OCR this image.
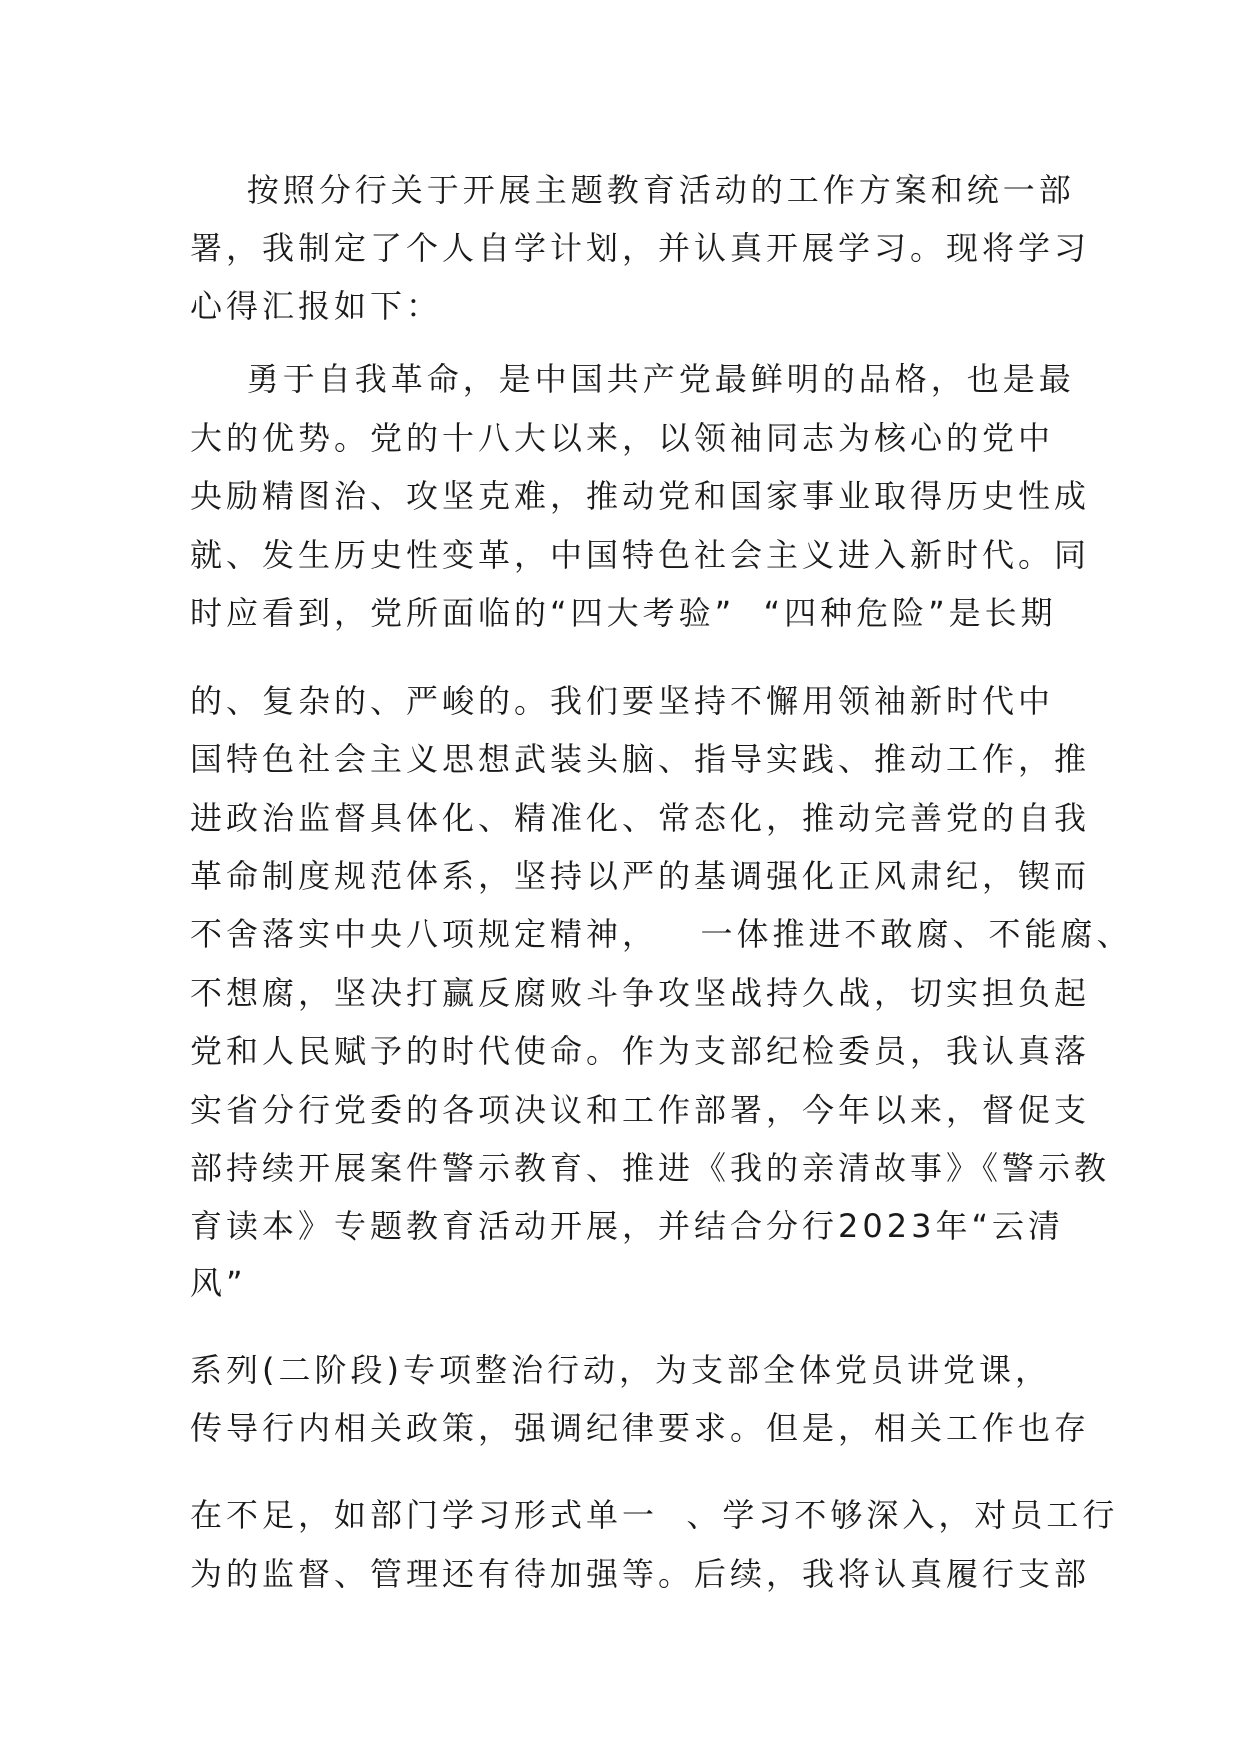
按照分行关于开展主题教育活动的工作方案和统一部
署，我制定了个人自学计划，并认真开展学习。现将学习
心得汇报如下：
勇于自我革命，是中国共产党最鲜明的品格，也是最
大的优势。党的十八大以来，以领袖同志为核心的党中
央励精图治、攻坚克难，推动党和国家事业取得历史性成
就、发生历史性变革，中国特色社会主义进入新时代。同
时应看到，党所面临的“四大考验”  “四种危险”是长期
的、复杂的、严峻的。我们要坚持不懈用领袖新时代中
国特色社会主义思想武装头脑、指导实践、推动工作，推
进政治监督具体化、精准化、常态化，推动完善党的自我
革命制度规范体系，坚持以严的基调强化正风肃纪，锲而
不舍落实中央八项规定精神，   一体推进不敢腐、不能腐、
不想腐，坚决打赢反腐败斗争攻坚战持久战，切实担负起
党和人民赋予的时代使命。作为支部纪检委员，我认真落
实省分行党委的各项决议和工作部署，今年以来，督促支
部持续开展案件警示教育、推进《我的亲清故事》《警示教
育读本》专题教育活动开展，并结合分行2023年“云清
风”
系列(二阶段)专项整治行动，为支部全体党员讲党课，
传导行内相关政策，强调纪律要求。但是，相关工作也存
在不足，如部门学习形式单一  、学习不够深入，对员工行
为的监督、管理还有待加强等。后续，我将认真履行支部
